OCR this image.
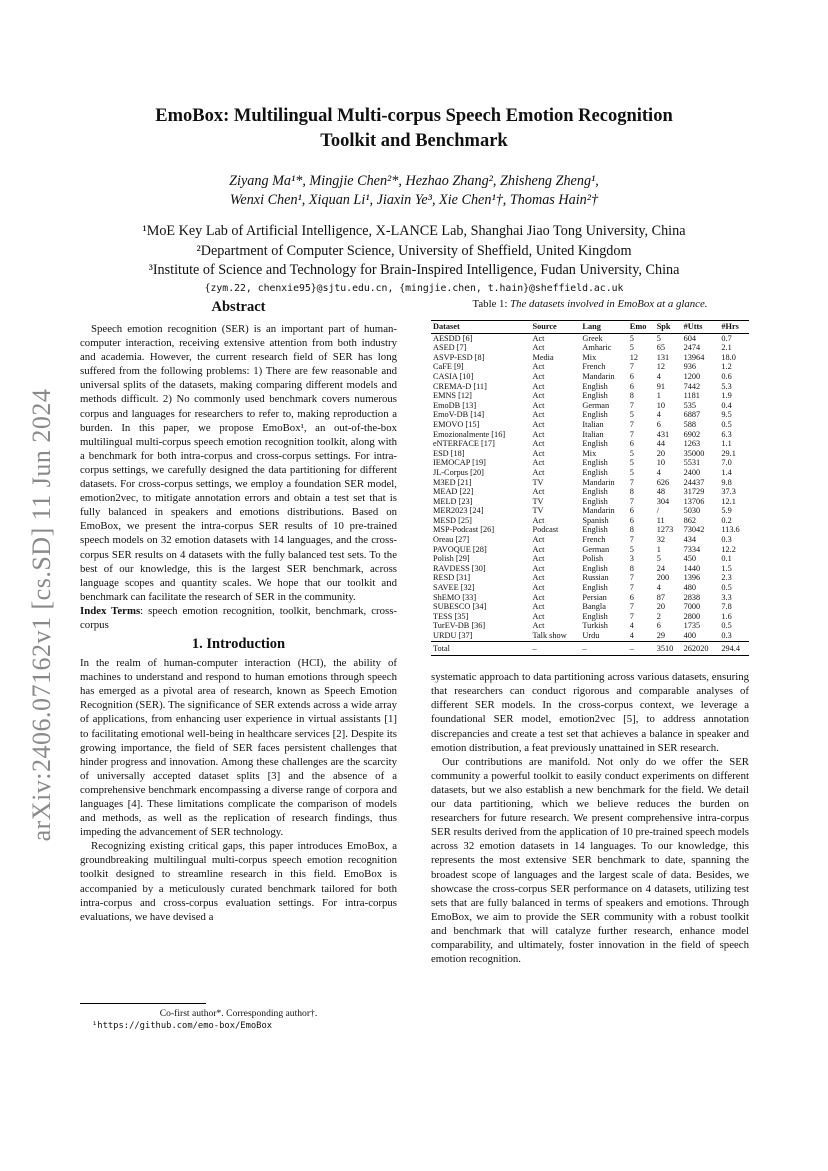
arXiv:2406.07162v1 [cs.SD] 11 Jun 2024
EmoBox: Multilingual Multi-corpus Speech Emotion Recognition
Toolkit and Benchmark
Ziyang Ma¹*, Mingjie Chen²*, Hezhao Zhang², Zhisheng Zheng¹,
Wenxi Chen¹, Xiquan Li¹, Jiaxin Ye³, Xie Chen¹†, Thomas Hain²†
¹MoE Key Lab of Artificial Intelligence, X-LANCE Lab, Shanghai Jiao Tong University, China
²Department of Computer Science, University of Sheffield, United Kingdom
³Institute of Science and Technology for Brain-Inspired Intelligence, Fudan University, China
{zym.22, chenxie95}@sjtu.edu.cn, {mingjie.chen, t.hain}@sheffield.ac.uk
Abstract

Speech emotion recognition (SER) is an important part of human-computer interaction, receiving extensive attention from both industry and academia. However, the current research field of SER has long suffered from the following problems: 1) There are few reasonable and universal splits of the datasets, making comparing different models and methods difficult. 2) No commonly used benchmark covers numerous corpus and languages for researchers to refer to, making reproduction a burden. In this paper, we propose EmoBox¹, an out-of-the-box multilingual multi-corpus speech emotion recognition toolkit, along with a benchmark for both intra-corpus and cross-corpus settings. For intra-corpus settings, we carefully designed the data partitioning for different datasets. For cross-corpus settings, we employ a foundation SER model, emotion2vec, to mitigate annotation errors and obtain a test set that is fully balanced in speakers and emotions distributions. Based on EmoBox, we present the intra-corpus SER results of 10 pre-trained speech models on 32 emotion datasets with 14 languages, and the cross-corpus SER results on 4 datasets with the fully balanced test sets. To the best of our knowledge, this is the largest SER benchmark, across language scopes and quantity scales. We hope that our toolkit and benchmark can facilitate the research of SER in the community.

Index Terms: speech emotion recognition, toolkit, benchmark, cross-corpus

1. Introduction

In the realm of human-computer interaction (HCI), the ability of machines to understand and respond to human emotions through speech has emerged as a pivotal area of research, known as Speech Emotion Recognition (SER). The significance of SER extends across a wide array of applications, from enhancing user experience in virtual assistants [1] to facilitating emotional well-being in healthcare services [2]. Despite its growing importance, the field of SER faces persistent challenges that hinder progress and innovation. Among these challenges are the scarcity of universally accepted dataset splits [3] and the absence of a comprehensive benchmark encompassing a diverse range of corpora and languages [4]. These limitations complicate the comparison of models and methods, as well as the replication of research findings, thus impeding the advancement of SER technology.

Recognizing existing critical gaps, this paper introduces EmoBox, a groundbreaking multilingual multi-corpus speech emotion recognition toolkit designed to streamline research in this field. EmoBox is accompanied by a meticulously curated benchmark tailored for both intra-corpus and cross-corpus evaluation settings. For intra-corpus evaluations, we have devised a

Co-first author*. Corresponding author†.
¹https://github.com/emo-box/EmoBox
Table 1: The datasets involved in EmoBox at a glance.
Dataset	Source	Lang	Emo	Spk	#Utts	#Hrs
AESDD [6]	Act	Greek	5	5	604	0.7
ASED [7]	Act	Amharic	5	65	2474	2.1
ASVP-ESD [8]	Media	Mix	12	131	13964	18.0
CaFE [9]	Act	French	7	12	936	1.2
CASIA [10]	Act	Mandarin	6	4	1200	0.6
CREMA-D [11]	Act	English	6	91	7442	5.3
EMNS [12]	Act	English	8	1	1181	1.9
EmoDB [13]	Act	German	7	10	535	0.4
EmoV-DB [14]	Act	English	5	4	6887	9.5
EMOVO [15]	Act	Italian	7	6	588	0.5
Emozionalmente [16]	Act	Italian	7	431	6902	6.3
eNTERFACE [17]	Act	English	6	44	1263	1.1
ESD [18]	Act	Mix	5	20	35000	29.1
IEMOCAP [19]	Act	English	5	10	5531	7.0
JL-Corpus [20]	Act	English	5	4	2400	1.4
M3ED [21]	TV	Mandarin	7	626	24437	9.8
MEAD [22]	Act	English	8	48	31729	37.3
MELD [23]	TV	English	7	304	13706	12.1
MER2023 [24]	TV	Mandarin	6	/	5030	5.9
MESD [25]	Act	Spanish	6	11	862	0.2
MSP-Podcast [26]	Podcast	English	8	1273	73042	113.6
Oreau [27]	Act	French	7	32	434	0.3
PAVOQUE [28]	Act	German	5	1	7334	12.2
Polish [29]	Act	Polish	3	5	450	0.1
RAVDESS [30]	Act	English	8	24	1440	1.5
RESD [31]	Act	Russian	7	200	1396	2.3
SAVEE [32]	Act	English	7	4	480	0.5
ShEMO [33]	Act	Persian	6	87	2838	3.3
SUBESCO [34]	Act	Bangla	7	20	7000	7.8
TESS [35]	Act	English	7	2	2800	1.6
TurEV-DB [36]	Act	Turkish	4	6	1735	0.5
URDU [37]	Talk show	Urdu	4	29	400	0.3
Total	–	–	–	3510	262020	294.4

systematic approach to data partitioning across various datasets, ensuring that researchers can conduct rigorous and comparable analyses of different SER models. In the cross-corpus context, we leverage a foundational SER model, emotion2vec [5], to address annotation discrepancies and create a test set that achieves a balance in speaker and emotion distribution, a feat previously unattained in SER research.

Our contributions are manifold. Not only do we offer the SER community a powerful toolkit to easily conduct experiments on different datasets, but we also establish a new benchmark for the field. We detail our data partitioning, which we believe reduces the burden on researchers for future research. We present comprehensive intra-corpus SER results derived from the application of 10 pre-trained speech models across 32 emotion datasets in 14 languages. To our knowledge, this represents the most extensive SER benchmark to date, spanning the broadest scope of languages and the largest scale of data. Besides, we showcase the cross-corpus SER performance on 4 datasets, utilizing test sets that are fully balanced in terms of speakers and emotions. Through EmoBox, we aim to provide the SER community with a robust toolkit and benchmark that will catalyze further research, enhance model comparability, and ultimately, foster innovation in the field of speech emotion recognition.
